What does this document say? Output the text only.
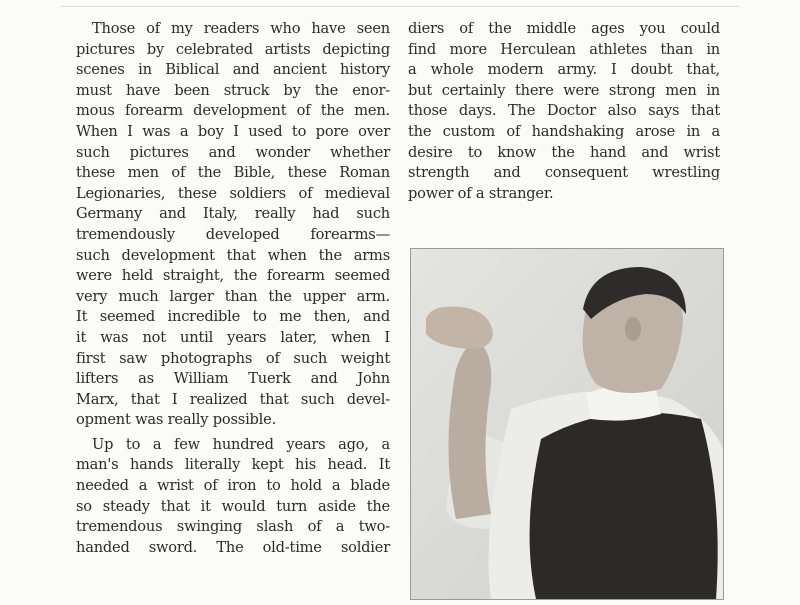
Those of my readers who have seen
pictures by celebrated artists depicting
scenes in Biblical and ancient history
must have been struck by the enor-
mous forearm development of the men.
When I was a boy I used to pore over
such pictures and wonder whether
these men of the Bible, these Roman
Legionaries, these soldiers of medieval
Germany and Italy, really had such
tremendously developed forearms—
such development that when the arms
were held straight, the forearm seemed
very much larger than the upper arm.
It seemed incredible to me then, and
it was not until years later, when I
first saw photographs of such weight
lifters as William Tuerk and John
Marx, that I realized that such devel-
opment was really possible.
Up to a few hundred years ago, a
man's hands literally kept his head. It
needed a wrist of iron to hold a blade
so steady that it would turn aside the
tremendous swinging slash of a two-
handed sword. The old-time soldier
diers of the middle ages you could
find more Herculean athletes than in
a whole modern army. I doubt that,
but certainly there were strong men in
those days. The Doctor also says that
the custom of handshaking arose in a
desire to know the hand and wrist
strength and consequent wrestling
power of a stranger.
